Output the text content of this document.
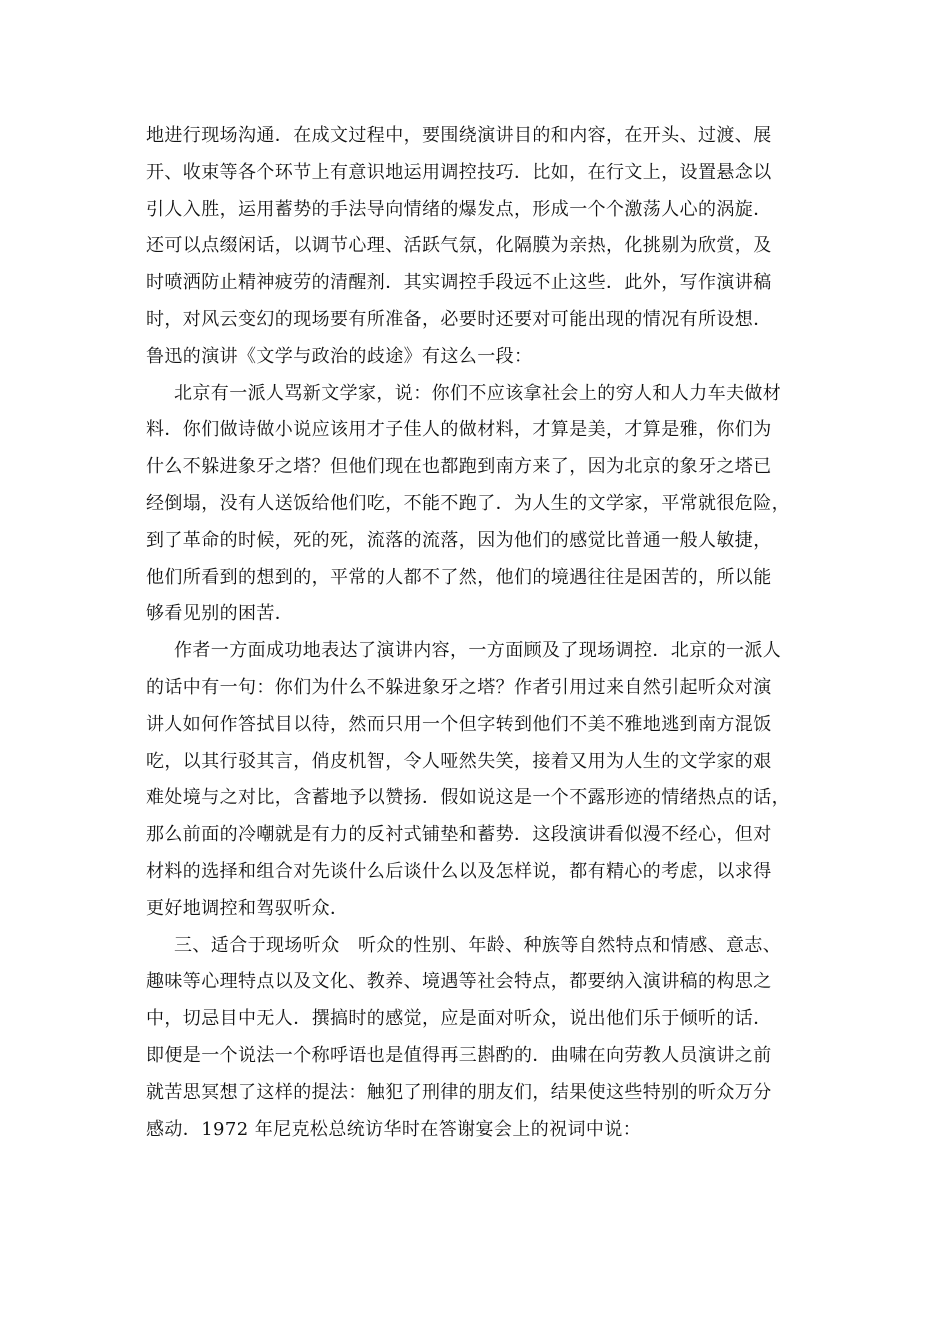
地进行现场沟通．在成文过程中，要围绕演讲目的和内容，在开头、过渡、展
开、收束等各个环节上有意识地运用调控技巧．比如，在行文上，设置悬念以
引人入胜，运用蓄势的手法导向情绪的爆发点，形成一个个激荡人心的涡旋．
还可以点缀闲话，以调节心理、活跃气氛，化隔膜为亲热，化挑剔为欣赏，及
时喷洒防止精神疲劳的清醒剂．其实调控手段远不止这些．此外，写作演讲稿
时，对风云变幻的现场要有所准备，必要时还要对可能出现的情况有所设想．
鲁迅的演讲《文学与政治的歧途》有这么一段：
北京有一派人骂新文学家，说：你们不应该拿社会上的穷人和人力车夫做材
料．你们做诗做小说应该用才子佳人的做材料，才算是美，才算是雅，你们为
什么不躲进象牙之塔？但他们现在也都跑到南方来了，因为北京的象牙之塔已
经倒塌，没有人送饭给他们吃，不能不跑了．为人生的文学家，平常就很危险，
到了革命的时候，死的死，流落的流落，因为他们的感觉比普通一般人敏捷，
他们所看到的想到的，平常的人都不了然，他们的境遇往往是困苦的，所以能
够看见别的困苦．
作者一方面成功地表达了演讲内容，一方面顾及了现场调控．北京的一派人
的话中有一句：你们为什么不躲进象牙之塔？作者引用过来自然引起听众对演
讲人如何作答拭目以待，然而只用一个但字转到他们不美不雅地逃到南方混饭
吃，以其行驳其言，俏皮机智，令人哑然失笑，接着又用为人生的文学家的艰
难处境与之对比，含蓄地予以赞扬．假如说这是一个不露形迹的情绪热点的话，
那么前面的冷嘲就是有力的反衬式铺垫和蓄势．这段演讲看似漫不经心，但对
材料的选择和组合对先谈什么后谈什么以及怎样说，都有精心的考虑，以求得
更好地调控和驾驭听众．
三、适合于现场听众　听众的性别、年龄、种族等自然特点和情感、意志、
趣味等心理特点以及文化、教养、境遇等社会特点，都要纳入演讲稿的构思之
中，切忌目中无人．撰搞时的感觉，应是面对听众，说出他们乐于倾听的话．
即便是一个说法一个称呼语也是值得再三斟酌的．曲啸在向劳教人员演讲之前
就苦思冥想了这样的提法：触犯了刑律的朋友们，结果使这些特别的听众万分
感动．1972 年尼克松总统访华时在答谢宴会上的祝词中说：
